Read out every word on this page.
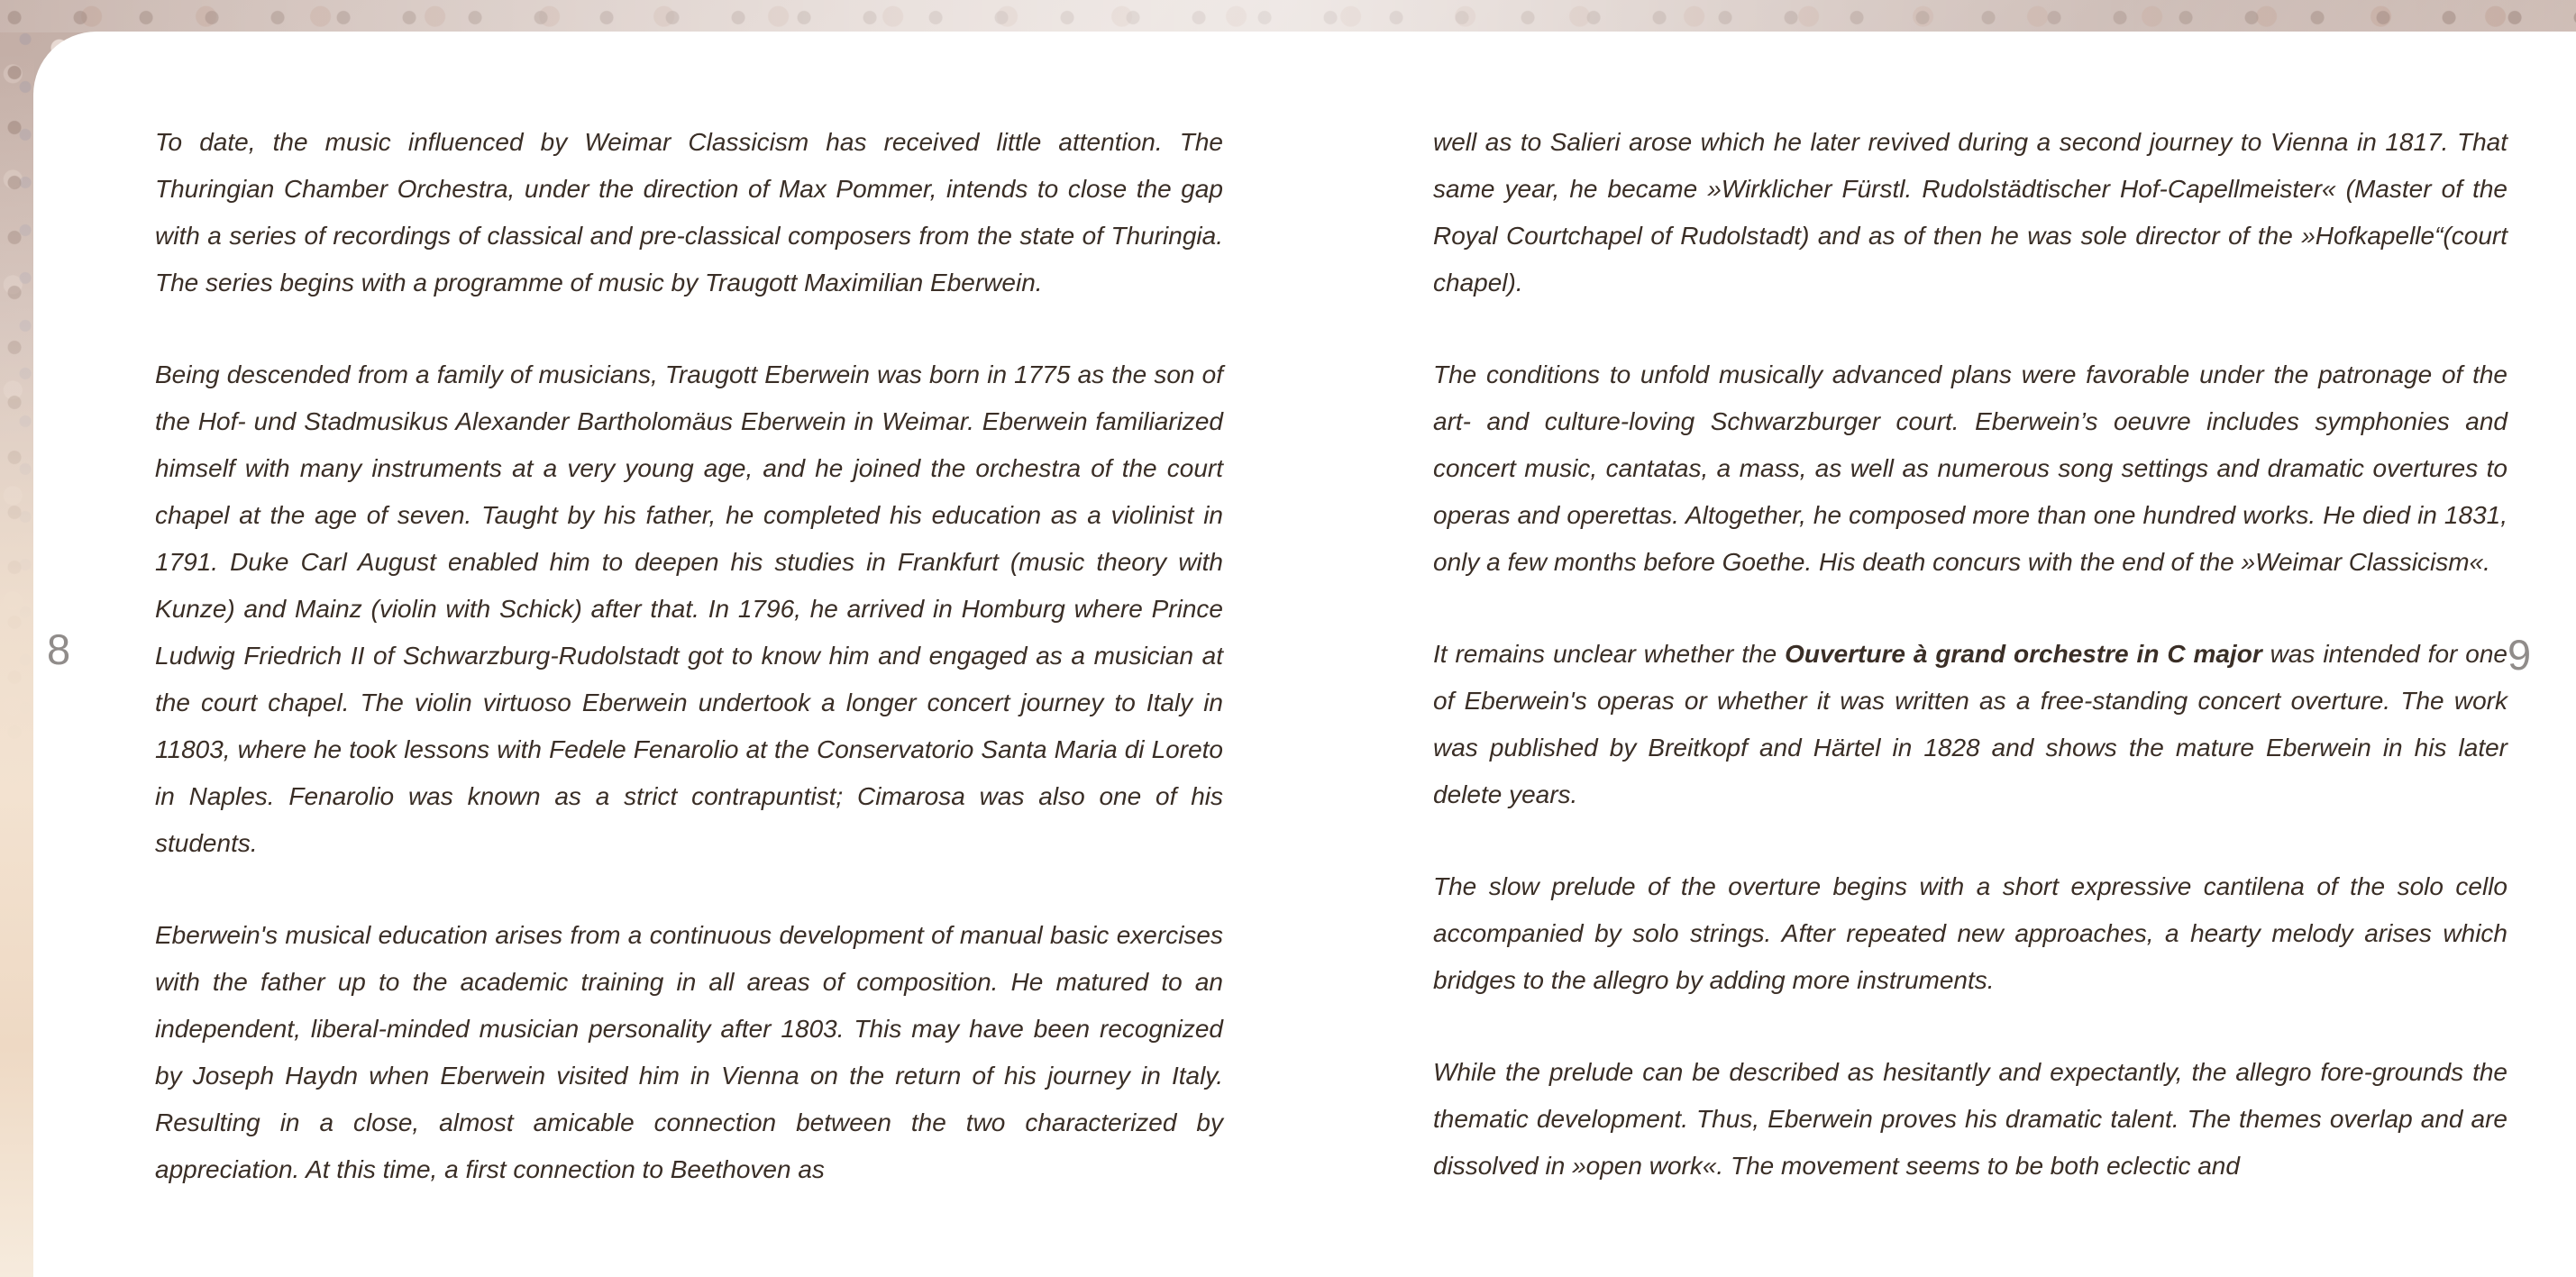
To date, the music influenced by Weimar Classicism has received little attention. The Thuringian Chamber Orchestra, under the direction of Max Pommer, intends to close the gap with a series of recordings of classical and pre-classical composers from the state of Thuringia. The series begins with a programme of music by Traugott Maximilian Eberwein.

Being descended from a family of musicians, Traugott Eberwein was born in 1775 as the son of the Hof- und Stadmusikus Alexander Bartholomäus Eberwein in Weimar. Eberwein familiarized himself with many instruments at a very young age, and he joined the orchestra of the court chapel at the age of seven. Taught by his father, he completed his education as a violinist in 1791. Duke Carl August enabled him to deepen his studies in Frankfurt (music theory with Kunze) and Mainz (violin with Schick) after that. In 1796, he arrived in Homburg where Prince Ludwig Friedrich II of Schwarzburg-Rudolstadt got to know him and engaged as a musician at the court chapel. The violin virtuoso Eberwein undertook a longer concert journey to Italy in 11803, where he took lessons with Fedele Fenarolio at the Conservatorio Santa Maria di Loreto in Naples. Fenarolio was known as a strict contrapuntist; Cimarosa was also one of his students.

Eberwein's musical education arises from a continuous development of manual basic exercises with the father up to the academic training in all areas of composition. He matured to an independent, liberal-minded musician personality after 1803. This may have been recognized by Joseph Haydn when Eberwein visited him in Vienna on the return of his journey in Italy. Resulting in a close, almost amicable connection between the two characterized by appreciation. At this time, a first connection to Beethoven as

well as to Salieri arose which he later revived during a second journey to Vienna in 1817. That same year, he became »Wirklicher Fürstl. Rudolstädtischer Hof-Capellmeister« (Master of the Royal Courtchapel of Rudolstadt) and as of then he was sole director of the »Hofkapelle“(court chapel).

The conditions to unfold musically advanced plans were favorable under the patronage of the art- and culture-loving Schwarzburger court. Eberwein’s oeuvre includes symphonies and concert music, cantatas, a mass, as well as numerous song settings and dramatic overtures to operas and operettas. Altogether, he composed more than one hundred works. He died in 1831, only a few months before Goethe. His death concurs with the end of the »Weimar Classicism«.

It remains unclear whether the Ouverture à grand orchestre in C major was intended for one of Eberwein's operas or whether it was written as a free-standing concert overture. The work was published by Breitkopf and Härtel in 1828 and shows the mature Eberwein in his later delete years.

The slow prelude of the overture begins with a short expressive cantilena of the solo cello accompanied by solo strings. After repeated new approaches, a hearty melody arises which bridges to the allegro by adding more instruments.

While the prelude can be described as hesitantly and expectantly, the allegro fore-grounds the thematic development. Thus, Eberwein proves his dramatic talent. The themes overlap and are dissolved in »open work«. The movement seems to be both eclectic and

8	9
